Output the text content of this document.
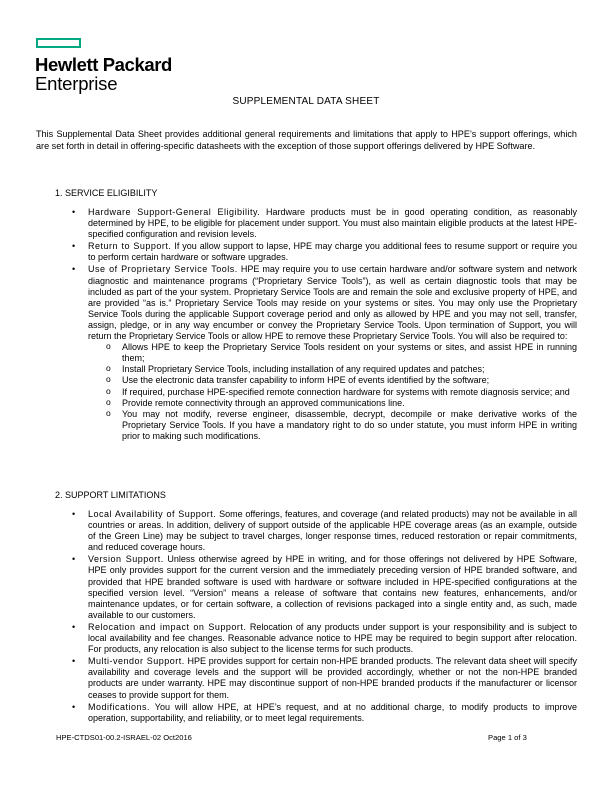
Hewlett Packard
Enterprise
SUPPLEMENTAL DATA SHEET

This Supplemental Data Sheet provides additional general requirements and limitations that apply to HPE’s support offerings, which are set forth in detail in offering-specific datasheets with the exception of those support offerings delivered by HPE Software.

1. SERVICE ELIGIBILITY
• Hardware Support-General Eligibility. Hardware products must be in good operating condition, as reasonably determined by HPE, to be eligible for placement under support. You must also maintain eligible products at the latest HPE-specified configuration and revision levels.
• Return to Support. If you allow support to lapse, HPE may charge you additional fees to resume support or require you to perform certain hardware or software upgrades.
• Use of Proprietary Service Tools. HPE may require you to use certain hardware and/or software system and network diagnostic and maintenance programs (“Proprietary Service Tools”), as well as certain diagnostic tools that may be included as part of the your system. Proprietary Service Tools are and remain the sole and exclusive property of HPE, and are provided “as is.” Proprietary Service Tools may reside on your systems or sites. You may only use the Proprietary Service Tools during the applicable Support coverage period and only as allowed by HPE and you may not sell, transfer, assign, pledge, or in any way encumber or convey the Proprietary Service Tools. Upon termination of Support, you will return the Proprietary Service Tools or allow HPE to remove these Proprietary Service Tools. You will also be required to:
o Allows HPE to keep the Proprietary Service Tools resident on your systems or sites, and assist HPE in running them;
o Install Proprietary Service Tools, including installation of any required updates and patches;
o Use the electronic data transfer capability to inform HPE of events identified by the software;
o If required, purchase HPE-specified remote connection hardware for systems with remote diagnosis service; and
o Provide remote connectivity through an approved communications line.
o You may not modify, reverse engineer, disassemble, decrypt, decompile or make derivative works of the Proprietary Service Tools. If you have a mandatory right to do so under statute, you must inform HPE in writing prior to making such modifications.
2. SUPPORT LIMITATIONS
• Local Availability of Support. Some offerings, features, and coverage (and related products) may not be available in all countries or areas. In addition, delivery of support outside of the applicable HPE coverage areas (as an example, outside of the Green Line) may be subject to travel charges, longer response times, reduced restoration or repair commitments, and reduced coverage hours.
• Version Support. Unless otherwise agreed by HPE in writing, and for those offerings not delivered by HPE Software, HPE only provides support for the current version and the immediately preceding version of HPE branded software, and provided that HPE branded software is used with hardware or software included in HPE-specified configurations at the specified version level. “Version” means a release of software that contains new features, enhancements, and/or maintenance updates, or for certain software, a collection of revisions packaged into a single entity and, as such, made available to our customers.
• Relocation and impact on Support. Relocation of any products under support is your responsibility and is subject to local availability and fee changes. Reasonable advance notice to HPE may be required to begin support after relocation. For products, any relocation is also subject to the license terms for such products.
• Multi-vendor Support. HPE provides support for certain non-HPE branded products. The relevant data sheet will specify availability and coverage levels and the support will be provided accordingly, whether or not the non-HPE branded products are under warranty. HPE may discontinue support of non-HPE branded products if the manufacturer or licensor ceases to provide support for them.
• Modifications. You will allow HPE, at HPE’s request, and at no additional charge, to modify products to improve operation, supportability, and reliability, or to meet legal requirements.
HPE-CTDS01-00.2-ISRAEL-02 Oct2016	Page 1 of 3
